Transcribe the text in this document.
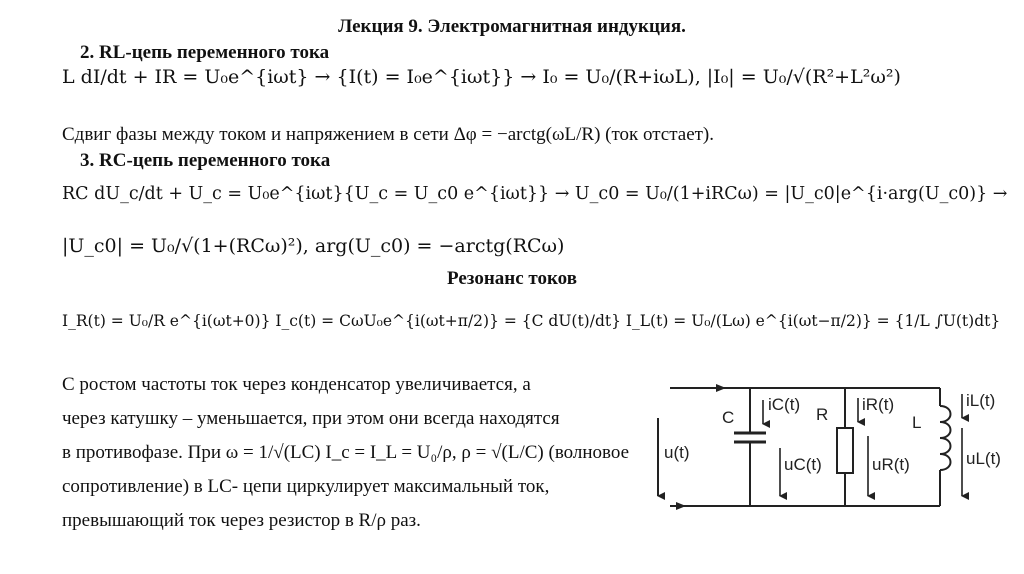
Лекция 9. Электромагнитная индукция.
2. RL-цепь переменного тока
L dI/dt + IR = U₀e^{iωt} → {I(t) = I₀e^{iωt}} → I₀ = U₀/(R+iωL), |I₀| = U₀/√(R²+L²ω²)
Сдвиг фазы между током и напряжением в сети Δφ = −arctg(ωL/R) (ток отстает).
3. RC-цепь переменного тока
RC dU_c/dt + U_c = U₀e^{iωt}{U_c = U_c0 e^{iωt}} → U_c0 = U₀/(1+iRCω) = |U_c0|e^{i·arg(U_c0)} →
|U_c0| = U₀/√(1+(RCω)²), arg(U_c0) = −arctg(RCω)
Резонанс токов
I_R(t) = U₀/R e^{i(ωt+0)} I_c(t) = CωU₀e^{i(ωt+π/2)} = {C dU(t)/dt} I_L(t) = U₀/(Lω) e^{i(ωt−π/2)} = {1/L ∫U(t)dt}
С ростом частоты ток через конденсатор увеличивается, а
через катушку – уменьшается, при этом они всегда находятся
в противофазе. При ω = 1/√(LC) I_c = I_L = U₀/ρ, ρ = √(L/C) (волновое
сопротивление) в LC- цепи циркулирует максимальный ток,
превышающий ток через резистор в R/ρ раз.
u(t)
C
iC(t)
uC(t)
R
iR(t)
uR(t)
L
iL(t)
uL(t)
